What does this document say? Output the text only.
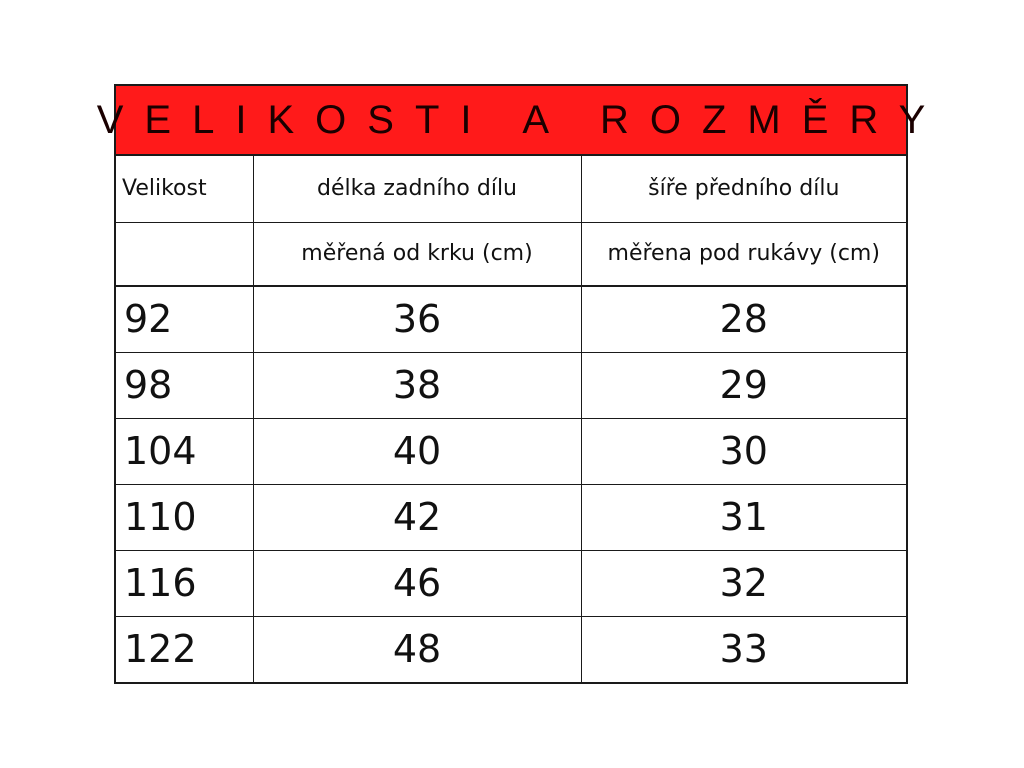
VELIKOSTI A ROZMĚRY
Velikost	délka zadního dílu	šíře předního dílu
	měřená od krku (cm)	měřena pod rukávy (cm)
92	36	28
98	38	29
104	40	30
110	42	31
116	46	32
122	48	33
